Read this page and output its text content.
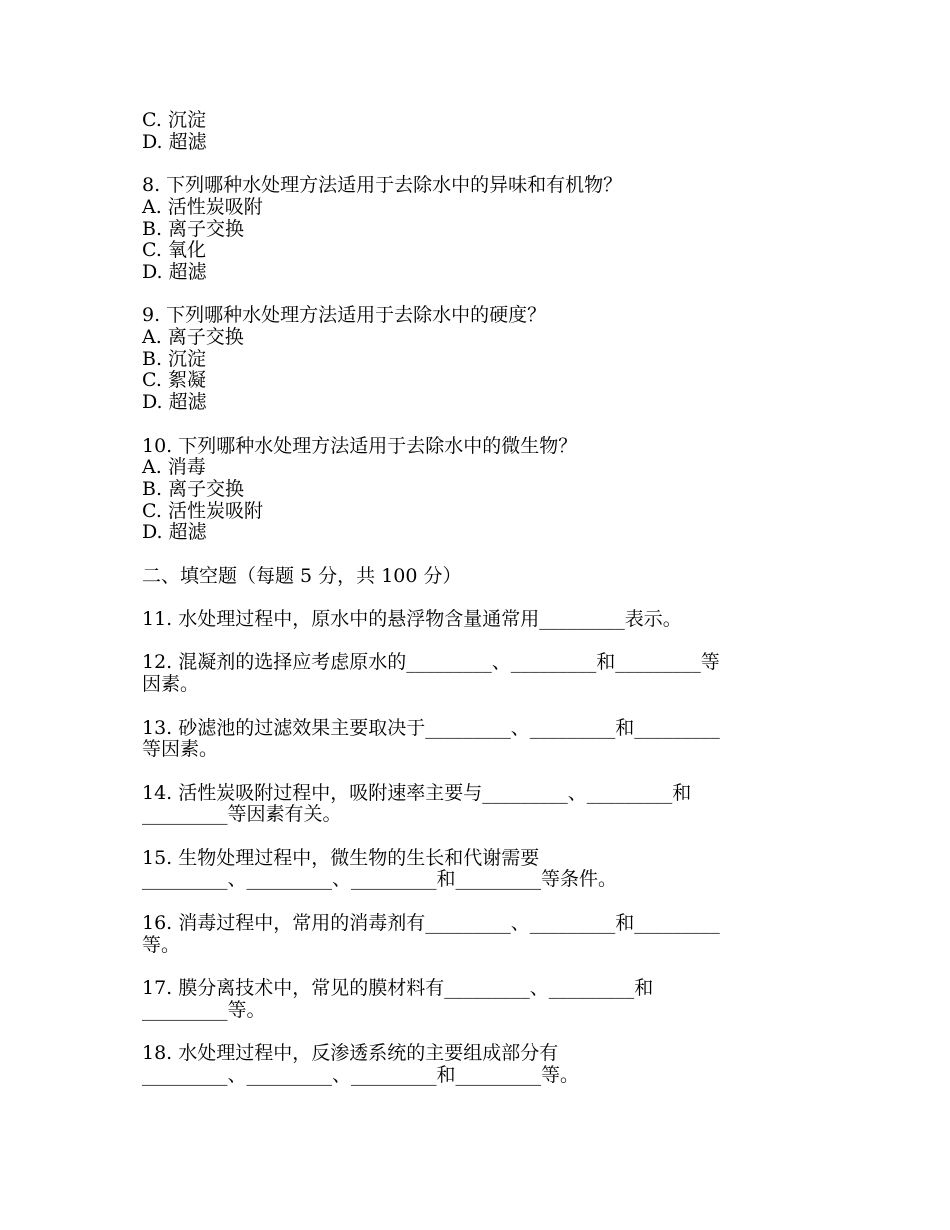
C. 沉淀
D. 超滤
8. 下列哪种水处理方法适用于去除水中的异味和有机物？
A. 活性炭吸附
B. 离子交换
C. 氧化
D. 超滤
9. 下列哪种水处理方法适用于去除水中的硬度？
A. 离子交换
B. 沉淀
C. 絮凝
D. 超滤
10. 下列哪种水处理方法适用于去除水中的微生物？
A. 消毒
B. 离子交换
C. 活性炭吸附
D. 超滤
二、填空题（每题 5 分，共 100 分）
11. 水处理过程中，原水中的悬浮物含量通常用_________表示。
12. 混凝剂的选择应考虑原水的_________、_________和_________等
因素。
13. 砂滤池的过滤效果主要取决于_________、_________和_________
等因素。
14. 活性炭吸附过程中，吸附速率主要与_________、_________和
_________等因素有关。
15. 生物处理过程中，微生物的生长和代谢需要
_________、_________、_________和_________等条件。
16. 消毒过程中，常用的消毒剂有_________、_________和_________
等。
17. 膜分离技术中，常见的膜材料有_________、_________和
_________等。
18. 水处理过程中，反渗透系统的主要组成部分有
_________、_________、_________和_________等。
